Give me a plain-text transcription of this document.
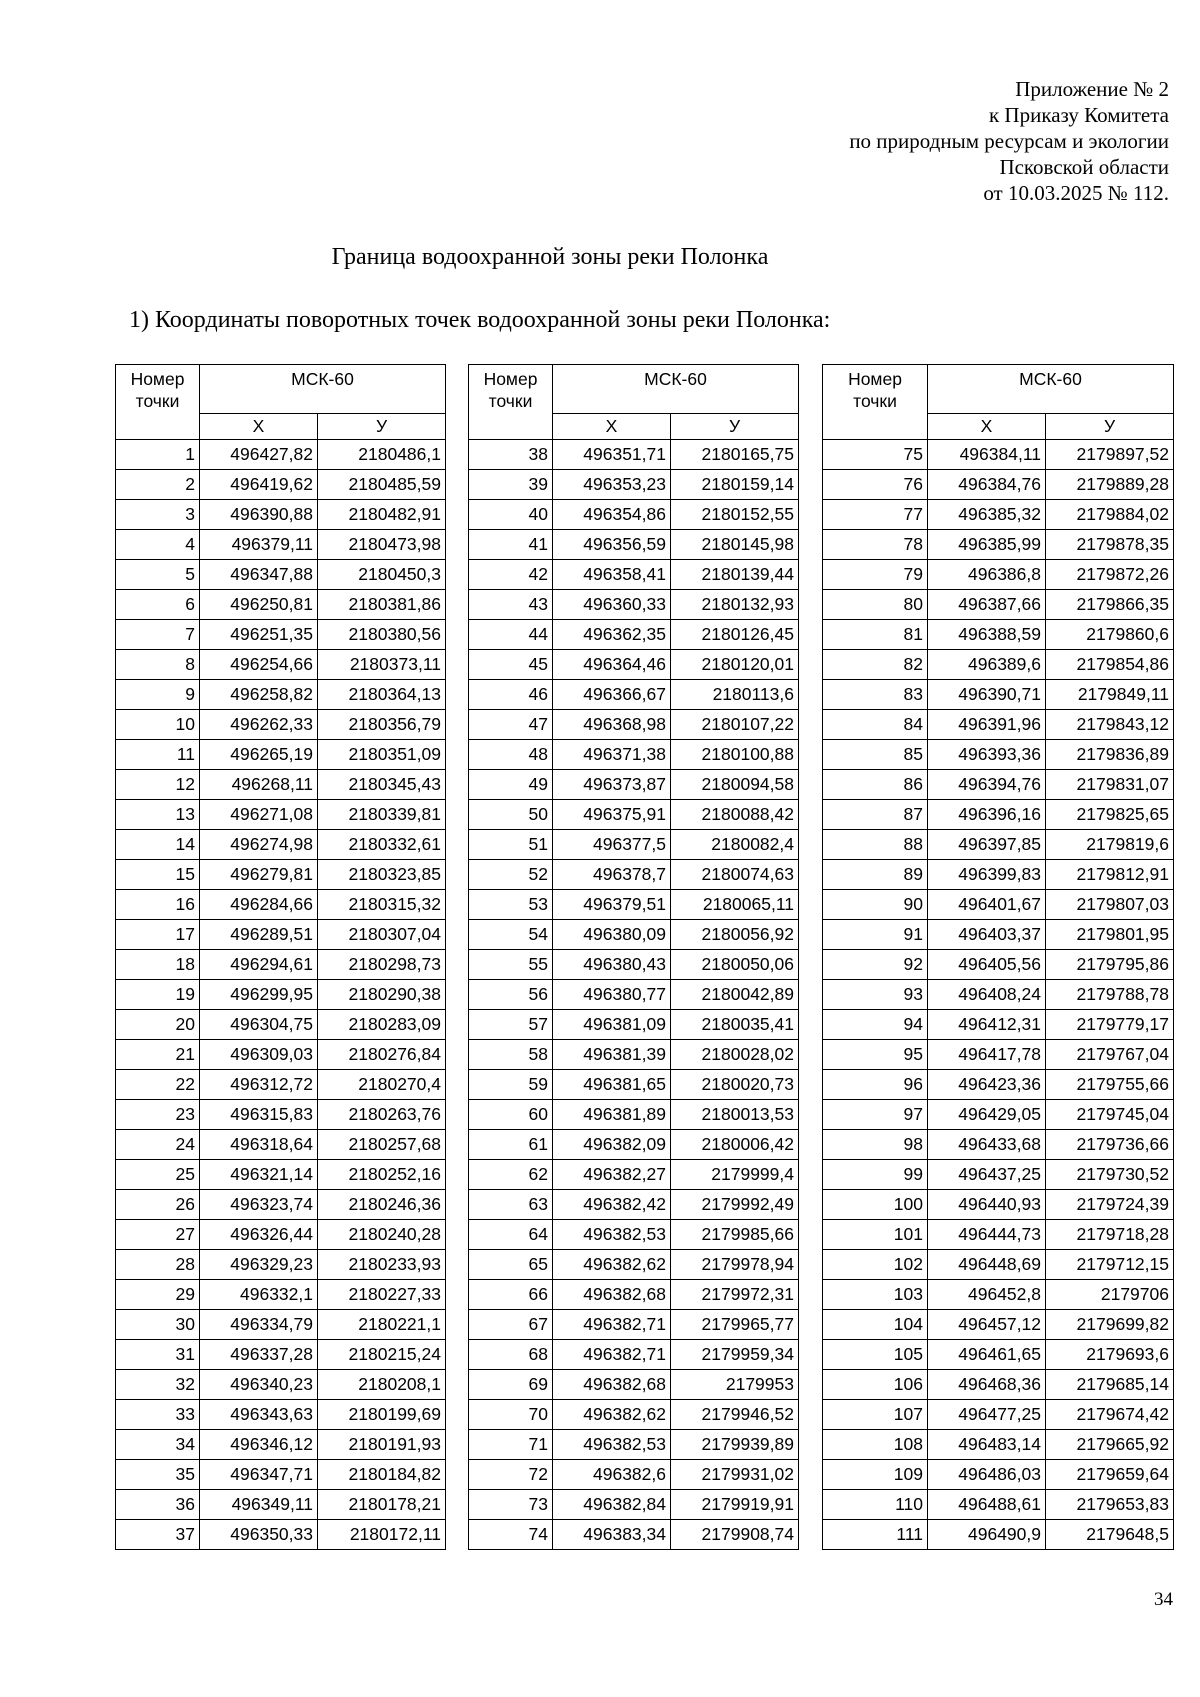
Приложение № 2
к Приказу Комитета
по природным ресурсам и экологии
Псковской области
от 10.03.2025 № 112.
Граница водоохранной зоны реки Полонка
1) Координаты поворотных точек водоохранной зоны реки Полонка:
Номер
точки	МСК-60	
	Х	У
1	496427,82	2180486,1
2	496419,62	2180485,59
3	496390,88	2180482,91
4	496379,11	2180473,98
5	496347,88	2180450,3
6	496250,81	2180381,86
7	496251,35	2180380,56
8	496254,66	2180373,11
9	496258,82	2180364,13
10	496262,33	2180356,79
11	496265,19	2180351,09
12	496268,11	2180345,43
13	496271,08	2180339,81
14	496274,98	2180332,61
15	496279,81	2180323,85
16	496284,66	2180315,32
17	496289,51	2180307,04
18	496294,61	2180298,73
19	496299,95	2180290,38
20	496304,75	2180283,09
21	496309,03	2180276,84
22	496312,72	2180270,4
23	496315,83	2180263,76
24	496318,64	2180257,68
25	496321,14	2180252,16
26	496323,74	2180246,36
27	496326,44	2180240,28
28	496329,23	2180233,93
29	496332,1	2180227,33
30	496334,79	2180221,1
31	496337,28	2180215,24
32	496340,23	2180208,1
33	496343,63	2180199,69
34	496346,12	2180191,93
35	496347,71	2180184,82
36	496349,11	2180178,21
37	496350,33	2180172,11
Номер
точки	МСК-60	
	Х	У
38	496351,71	2180165,75
39	496353,23	2180159,14
40	496354,86	2180152,55
41	496356,59	2180145,98
42	496358,41	2180139,44
43	496360,33	2180132,93
44	496362,35	2180126,45
45	496364,46	2180120,01
46	496366,67	2180113,6
47	496368,98	2180107,22
48	496371,38	2180100,88
49	496373,87	2180094,58
50	496375,91	2180088,42
51	496377,5	2180082,4
52	496378,7	2180074,63
53	496379,51	2180065,11
54	496380,09	2180056,92
55	496380,43	2180050,06
56	496380,77	2180042,89
57	496381,09	2180035,41
58	496381,39	2180028,02
59	496381,65	2180020,73
60	496381,89	2180013,53
61	496382,09	2180006,42
62	496382,27	2179999,4
63	496382,42	2179992,49
64	496382,53	2179985,66
65	496382,62	2179978,94
66	496382,68	2179972,31
67	496382,71	2179965,77
68	496382,71	2179959,34
69	496382,68	2179953
70	496382,62	2179946,52
71	496382,53	2179939,89
72	496382,6	2179931,02
73	496382,84	2179919,91
74	496383,34	2179908,74
Номер
точки	МСК-60	
	Х	У
75	496384,11	2179897,52
76	496384,76	2179889,28
77	496385,32	2179884,02
78	496385,99	2179878,35
79	496386,8	2179872,26
80	496387,66	2179866,35
81	496388,59	2179860,6
82	496389,6	2179854,86
83	496390,71	2179849,11
84	496391,96	2179843,12
85	496393,36	2179836,89
86	496394,76	2179831,07
87	496396,16	2179825,65
88	496397,85	2179819,6
89	496399,83	2179812,91
90	496401,67	2179807,03
91	496403,37	2179801,95
92	496405,56	2179795,86
93	496408,24	2179788,78
94	496412,31	2179779,17
95	496417,78	2179767,04
96	496423,36	2179755,66
97	496429,05	2179745,04
98	496433,68	2179736,66
99	496437,25	2179730,52
100	496440,93	2179724,39
101	496444,73	2179718,28
102	496448,69	2179712,15
103	496452,8	2179706
104	496457,12	2179699,82
105	496461,65	2179693,6
106	496468,36	2179685,14
107	496477,25	2179674,42
108	496483,14	2179665,92
109	496486,03	2179659,64
110	496488,61	2179653,83
111	496490,9	2179648,5
34
